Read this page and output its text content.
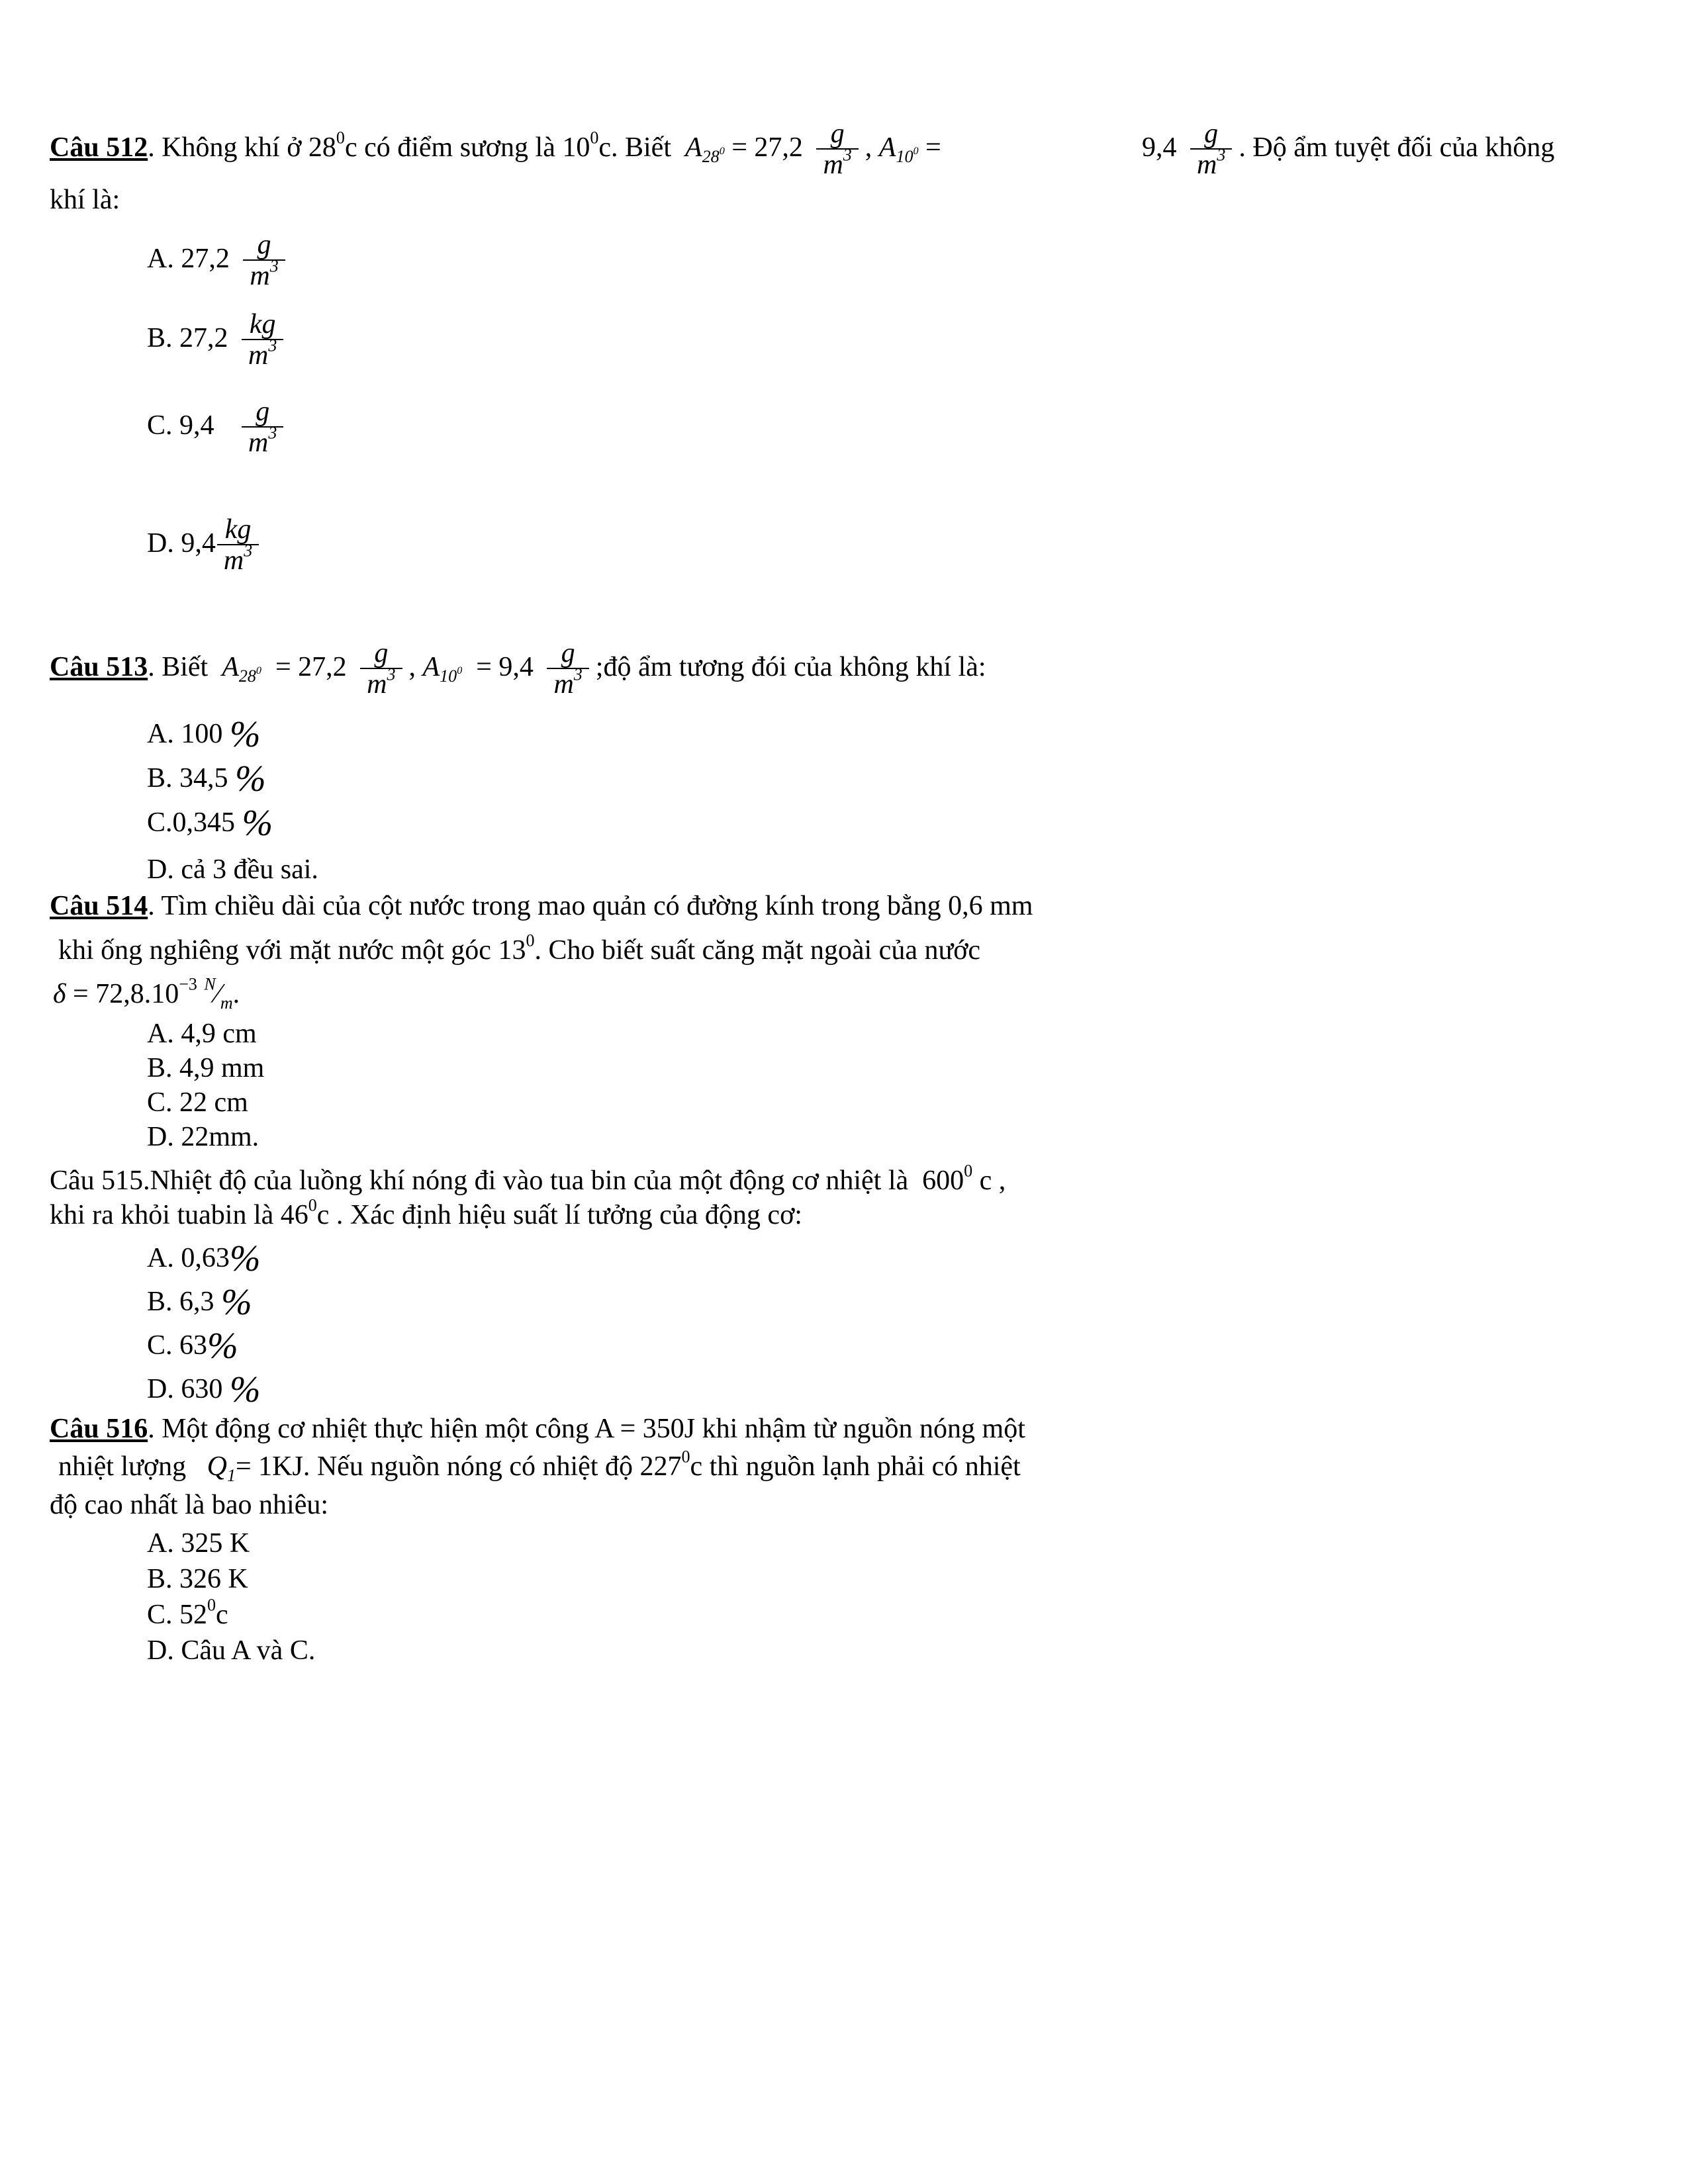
Câu 512. Không khí ở $28^0c$ có điểm sương là $10^0c$. Biết $A_{28^0} = 27,2 \frac{g}{m^3}$ , $A_{10^0}$ =	$9,4 \frac{g}{m^3}$ . Độ ẩm tuyệt đối của không
khí là:
A. $27,2 \frac{g}{m^3}$
B. $27,2 \frac{kg}{m^3}$
C. $9,4 \frac{g}{m^3}$
D. $9,4 \frac{kg}{m^3}$
Câu 513. Biết $A_{28^0} = 27,2 \frac{g}{m^3}$ , $A_{10^0} = 9,4 \frac{g}{m^3}$ ;độ ẩm tương đói của không khí là:
A. 100 %
B. 34,5 %
C.0,345 %
D. cả 3 đều sai.
Câu 514. Tìm chiều dài của cột nước trong mao quản có đường kính trong bằng 0,6 mm
khi ống nghiêng với mặt nước một góc $13^0$. Cho biết suất căng mặt ngoài của nước
$\delta = 72,8.10^{-3}$ $^N⁄_m$.
A. 4,9 cm
B. 4,9 mm
C. 22 cm
D. 22mm.
Câu 515.Nhiệt độ của luồng khí nóng đi vào tua bin của một động cơ nhiệt là $600^0$ c ,
khi ra khỏi tuabin là $46^0c$ . Xác định hiệu suất lí tưởng của động cơ:
A. 0,63%
B. 6,3 %
C. 63%
D. 630 %
Câu 516. Một động cơ nhiệt thực hiện một công A = 350J khi nhậm từ nguồn nóng một
nhiệt lượng $Q_1= 1KJ$. Nếu nguồn nóng có nhiệt độ $227^0c$ thì nguồn lạnh phải có nhiệt
độ cao nhất là bao nhiêu:
A. 325 K
B. 326 K
C. $52^0c$
D. Câu A và C.
